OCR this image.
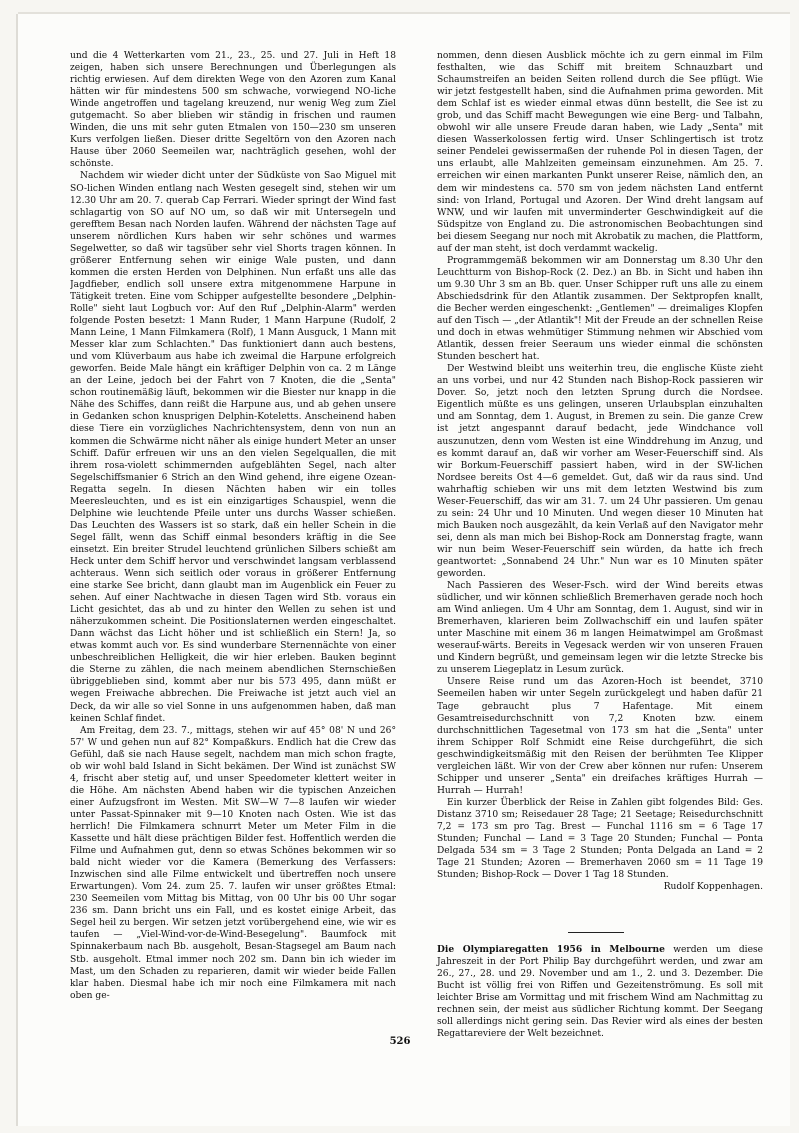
und die 4 Wetterkarten vom 21., 23., 25. und 27. Juli in Heft 18 zeigen, haben sich unsere Berechnungen und Überlegungen als richtig erwiesen. Auf dem direkten Wege von den Azoren zum Kanal hätten wir für mindestens 500 sm schwache, vorwiegend NO-liche Winde angetroffen und tagelang kreuzend, nur wenig Weg zum Ziel gutgemacht. So aber blieben wir ständig in frischen und raumen Winden, die uns mit sehr guten Etmalen von 150—230 sm unseren Kurs verfolgen ließen. Dieser dritte Segeltörn von den Azoren nach Hause über 2060 Seemeilen war, nachträglich gesehen, wohl der schönste.

Nachdem wir wieder dicht unter der Südküste von Sao Miguel mit SO-lichen Winden entlang nach Westen gesegelt sind, stehen wir um 12.30 Uhr am 20. 7. querab Cap Ferrari. Wieder springt der Wind fast schlagartig von SO auf NO um, so daß wir mit Untersegeln und gerefftem Besan nach Norden laufen. Während der nächsten Tage auf unserem nördlichen Kurs haben wir sehr schönes und warmes Segelwetter, so daß wir tagsüber sehr viel Shorts tragen können. In größerer Entfernung sehen wir einige Wale pusten, und dann kommen die ersten Herden von Delphinen. Nun erfaßt uns alle das Jagdfieber, endlich soll unsere extra mitgenommene Harpune in Tätigkeit treten. Eine vom Schipper aufgestellte besondere „Delphin-Rolle" sieht laut Logbuch vor: Auf den Ruf „Delphin-Alarm" werden folgende Posten besetzt: 1 Mann Ruder, 1 Mann Harpune (Rudolf, 2 Mann Leine, 1 Mann Filmkamera (Rolf), 1 Mann Ausguck, 1 Mann mit Messer klar zum Schlachten." Das funktioniert dann auch bestens, und vom Klüverbaum aus habe ich zweimal die Harpune erfolgreich geworfen. Beide Male hängt ein kräftiger Delphin von ca. 2 m Länge an der Leine, jedoch bei der Fahrt von 7 Knoten, die die „Senta" schon routinemäßig läuft, bekommen wir die Biester nur knapp in die Nähe des Schiffes, dann reißt die Harpune aus, und ab gehen unsere in Gedanken schon knusprigen Delphin-Koteletts. Anscheinend haben diese Tiere ein vorzügliches Nachrichtensystem, denn von nun an kommen die Schwärme nicht näher als einige hundert Meter an unser Schiff. Dafür erfreuen wir uns an den vielen Segelquallen, die mit ihrem rosa-violett schimmernden aufgeblähten Segel, nach alter Segelschiffsmanier 6 Strich an den Wind gehend, ihre eigene Ozean-Regatta segeln. In diesen Nächten haben wir ein tolles Meeresleuchten, und es ist ein einzigartiges Schauspiel, wenn die Delphine wie leuchtende Pfeile unter uns durchs Wasser schießen. Das Leuchten des Wassers ist so stark, daß ein heller Schein in die Segel fällt, wenn das Schiff einmal besonders kräftig in die See einsetzt. Ein breiter Strudel leuchtend grünlichen Silbers schießt am Heck unter dem Schiff hervor und verschwindet langsam verblassend achteraus. Wenn sich seitlich oder voraus in größerer Entfernung eine starke See bricht, dann glaubt man im Augenblick ein Feuer zu sehen. Auf einer Nachtwache in diesen Tagen wird Stb. voraus ein Licht gesichtet, das ab und zu hinter den Wellen zu sehen ist und näherzukommen scheint. Die Positionslaternen werden eingeschaltet. Dann wächst das Licht höher und ist schließlich ein Stern! Ja, so etwas kommt auch vor. Es sind wunderbare Sternennächte von einer unbeschreiblichen Helligkeit, die wir hier erleben. Bauken beginnt die Sterne zu zählen, die nach meinem abendlichen Sternschießen übriggeblieben sind, kommt aber nur bis 573 495, dann müßt er wegen Freiwache abbrechen. Die Freiwache ist jetzt auch viel an Deck, da wir alle so viel Sonne in uns aufgenommen haben, daß man keinen Schlaf findet.

Am Freitag, dem 23. 7., mittags, stehen wir auf 45° 08' N und 26° 57' W und gehen nun auf 82° Kompaßkurs. Endlich hat die Crew das Gefühl, daß sie nach Hause segelt, nachdem man mich schon fragte, ob wir wohl bald Island in Sicht bekämen. Der Wind ist zunächst SW 4, frischt aber stetig auf, und unser Speedometer klettert weiter in die Höhe. Am nächsten Abend haben wir die typischen Anzeichen einer Aufzugsfront im Westen. Mit SW—W 7—8 laufen wir wieder unter Passat-Spinnaker mit 9—10 Knoten nach Osten. Wie ist das herrlich! Die Filmkamera schnurrt Meter um Meter Film in die Kassette und hält diese prächtigen Bilder fest. Hoffentlich werden die Filme und Aufnahmen gut, denn so etwas Schönes bekommen wir so bald nicht wieder vor die Kamera (Bemerkung des Verfassers: Inzwischen sind alle Filme entwickelt und übertreffen noch unsere Erwartungen). Vom 24. zum 25. 7. laufen wir unser größtes Etmal: 230 Seemeilen vom Mittag bis Mittag, von 00 Uhr bis 00 Uhr sogar 236 sm. Dann bricht uns ein Fall, und es kostet einige Arbeit, das Segel heil zu bergen. Wir setzen jetzt vorübergehend eine, wie wir es taufen — „Viel-Wind-vor-de-Wind-Besegelung". Baumfock mit Spinnakerbaum nach Bb. ausgeholt, Besan-Stagsegel am Baum nach Stb. ausgeholt. Etmal immer noch 202 sm. Dann bin ich wieder im Mast, um den Schaden zu reparieren, damit wir wieder beide Fallen klar haben. Diesmal habe ich mir noch eine Filmkamera mit nach oben ge-

nommen, denn diesen Ausblick möchte ich zu gern einmal im Film festhalten, wie das Schiff mit breitem Schnauzbart und Schaumstreifen an beiden Seiten rollend durch die See pflügt. Wie wir jetzt festgestellt haben, sind die Aufnahmen prima geworden. Mit dem Schlaf ist es wieder einmal etwas dünn bestellt, die See ist zu grob, und das Schiff macht Bewegungen wie eine Berg- und Talbahn, obwohl wir alle unsere Freude daran haben, wie Lady „Senta" mit diesen Wasserkolossen fertig wird. Unser Schlingertisch ist trotz seiner Pendelei gewissermaßen der ruhende Pol in diesen Tagen, der uns erlaubt, alle Mahlzeiten gemeinsam einzunehmen. Am 25. 7. erreichen wir einen markanten Punkt unserer Reise, nämlich den, an dem wir mindestens ca. 570 sm von jedem nächsten Land entfernt sind: von Irland, Portugal und Azoren. Der Wind dreht langsam auf WNW, und wir laufen mit unverminderter Geschwindigkeit auf die Südspitze von England zu. Die astronomischen Beobachtungen sind bei diesem Seegang nur noch mit Akrobatik zu machen, die Plattform, auf der man steht, ist doch verdammt wackelig.

Programmgemäß bekommen wir am Donnerstag um 8.30 Uhr den Leuchtturm von Bishop-Rock (2. Dez.) an Bb. in Sicht und haben ihn um 9.30 Uhr 3 sm an Bb. quer. Unser Schipper ruft uns alle zu einem Abschiedsdrink für den Atlantik zusammen. Der Sektpropfen knallt, die Becher werden eingeschenkt: „Gentlemen" — dreimaliges Klopfen auf den Tisch — „der Atlantik"! Mit der Freude an der schnellen Reise und doch in etwas wehmütiger Stimmung nehmen wir Abschied vom Atlantik, dessen freier Seeraum uns wieder einmal die schönsten Stunden beschert hat.

Der Westwind bleibt uns weiterhin treu, die englische Küste zieht an uns vorbei, und nur 42 Stunden nach Bishop-Rock passieren wir Dover. So, jetzt noch den letzten Sprung durch die Nordsee. Eigentlich müßte es uns gelingen, unseren Urlaubsplan einzuhalten und am Sonntag, dem 1. August, in Bremen zu sein. Die ganze Crew ist jetzt angespannt darauf bedacht, jede Windchance voll auszunutzen, denn vom Westen ist eine Winddrehung im Anzug, und es kommt darauf an, daß wir vorher am Weser-Feuerschiff sind. Als wir Borkum-Feuerschiff passiert haben, wird in der SW-lichen Nordsee bereits Ost 4—6 gemeldet. Gut, daß wir da raus sind. Und wahrhaftig schieben wir uns mit dem letzten Westwind bis zum Weser-Feuerschiff, das wir am 31. 7. um 24 Uhr passieren. Um genau zu sein: 24 Uhr und 10 Minuten. Und wegen dieser 10 Minuten hat mich Bauken noch ausgezählt, da kein Verlaß auf den Navigator mehr sei, denn als man mich bei Bishop-Rock am Donnerstag fragte, wann wir nun beim Weser-Feuerschiff sein würden, da hatte ich frech geantwortet: „Sonnabend 24 Uhr." Nun war es 10 Minuten später geworden.

Nach Passieren des Weser-Fsch. wird der Wind bereits etwas südlicher, und wir können schließlich Bremerhaven gerade noch hoch am Wind anliegen. Um 4 Uhr am Sonntag, dem 1. August, sind wir in Bremerhaven, klarieren beim Zollwachschiff ein und laufen später unter Maschine mit einem 36 m langen Heimatwimpel am Großmast weserauf-wärts. Bereits in Vegesack werden wir von unseren Frauen und Kindern begrüßt, und gemeinsam legen wir die letzte Strecke bis zu unserem Liegeplatz in Lesum zurück.

Unsere Reise rund um das Azoren-Hoch ist beendet, 3710 Seemeilen haben wir unter Segeln zurückgelegt und haben dafür 21 Tage gebraucht plus 7 Hafentage. Mit einem Gesamtreisedurchschnitt von 7,2 Knoten bzw. einem durchschnittlichen Tagesetmal von 173 sm hat die „Senta" unter ihrem Schipper Rolf Schmidt eine Reise durchgeführt, die sich geschwindigkeitsmäßig mit den Reisen der berühmten Tee Klipper vergleichen läßt. Wir von der Crew aber können nur rufen: Unserem Schipper und unserer „Senta" ein dreifaches kräftiges Hurrah — Hurrah — Hurrah!

Ein kurzer Überblick der Reise in Zahlen gibt folgendes Bild: Ges. Distanz 3710 sm; Reisedauer 28 Tage; 21 Seetage; Reisedurchschnitt 7,2 = 173 sm pro Tag. Brest — Funchal 1116 sm = 6 Tage 17 Stunden; Funchal — Land = 3 Tage 20 Stunden; Funchal — Ponta Delgada 534 sm = 3 Tage 2 Stunden; Ponta Delgada an Land = 2 Tage 21 Stunden; Azoren — Bremerhaven 2060 sm = 11 Tage 19 Stunden; Bishop-Rock — Dover 1 Tag 18 Stunden.

Rudolf Koppenhagen.

Die Olympiaregatten 1956 in Melbourne werden um diese Jahreszeit in der Port Philip Bay durchgeführt werden, und zwar am 26., 27., 28. und 29. November und am 1., 2. und 3. Dezember. Die Bucht ist völlig frei von Riffen und Gezeitenströmung. Es soll mit leichter Brise am Vormittag und mit frischem Wind am Nachmittag zu rechnen sein, der meist aus südlicher Richtung kommt. Der Seegang soll allerdings nicht gering sein. Das Revier wird als eines der besten Regattareviere der Welt bezeichnet.
526
